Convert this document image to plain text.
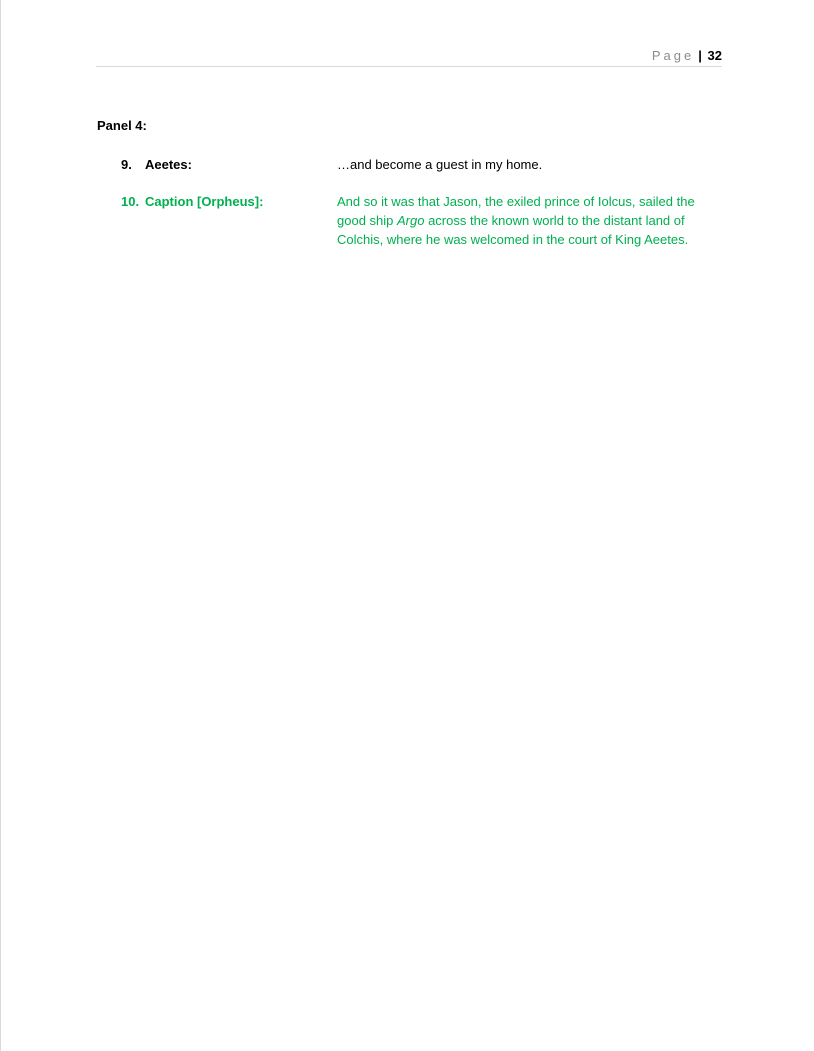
Page | 32

Panel 4:

9. Aeetes:	…and become a guest in my home.
10. Caption [Orpheus]:	And so it was that Jason, the exiled prince of Iolcus, sailed the good ship Argo across the known world to the distant land of Colchis, where he was welcomed in the court of King Aeetes.
